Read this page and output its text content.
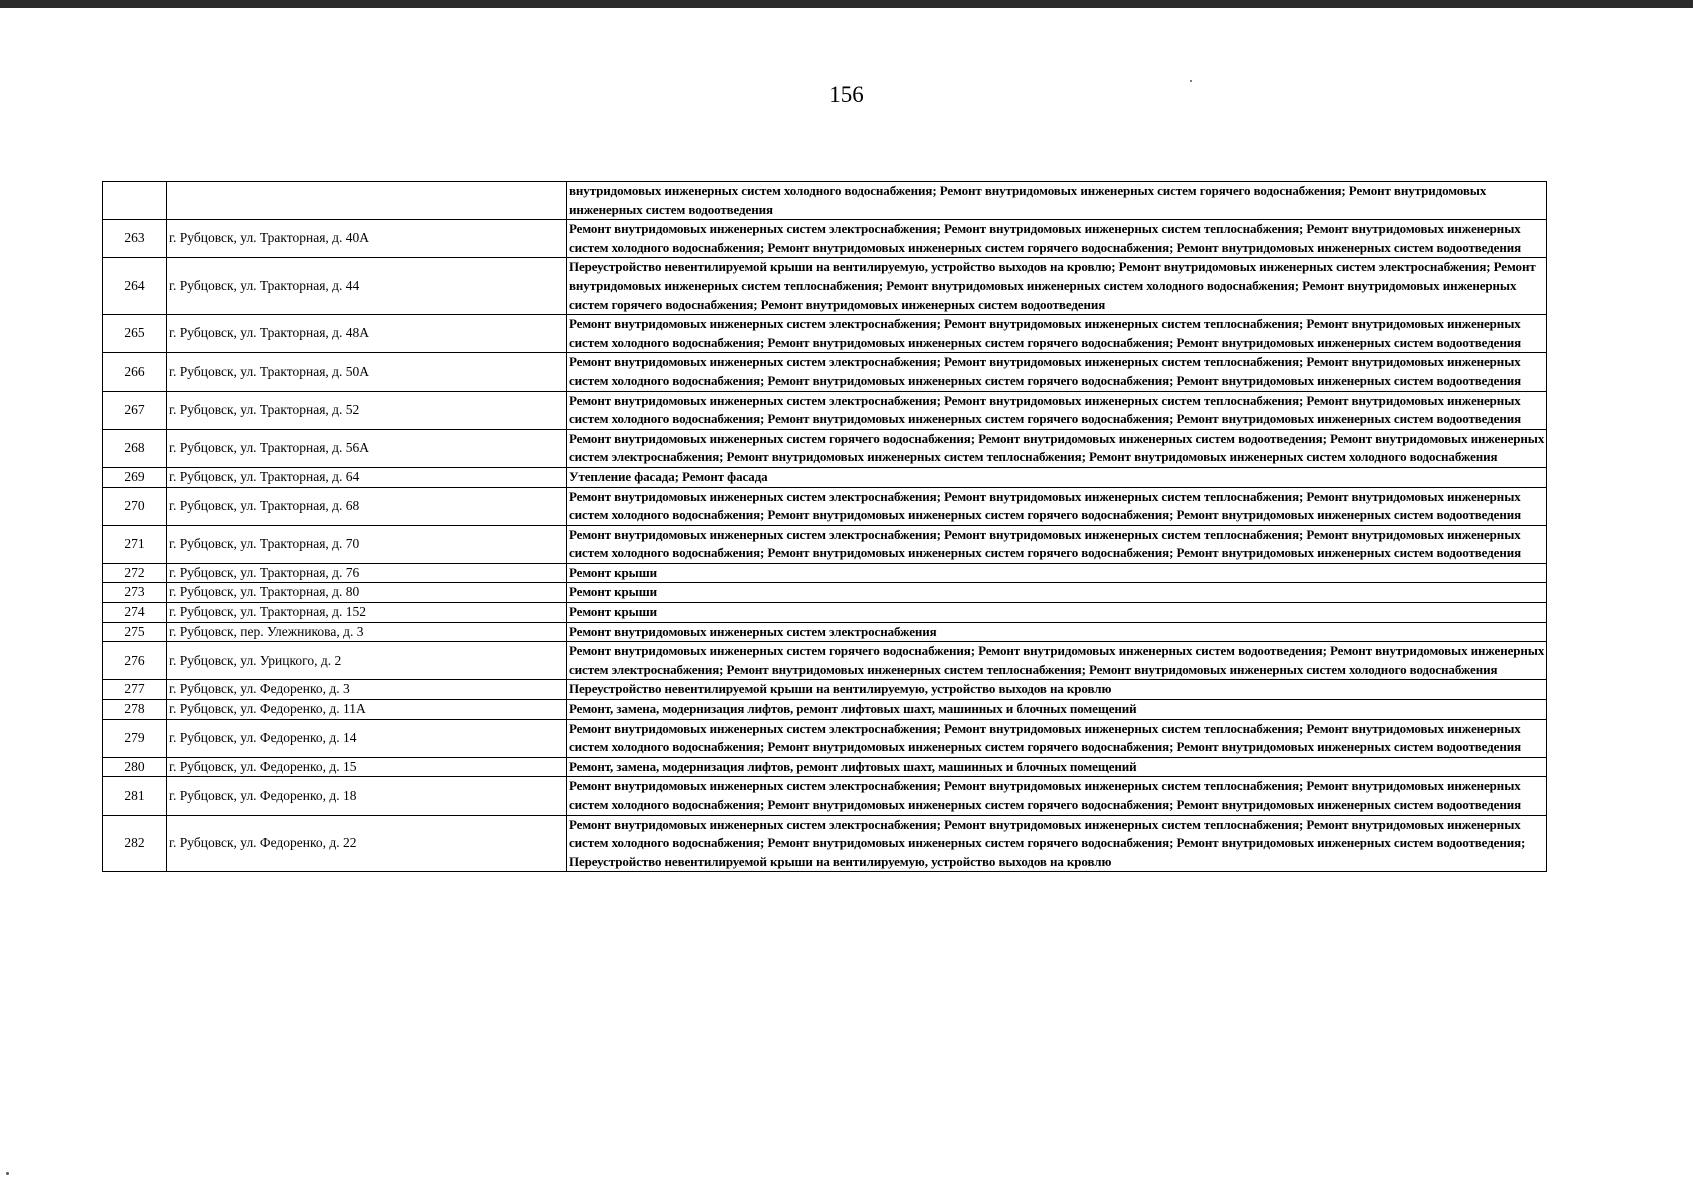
156
		внутридомовых инженерных систем холодного водоснабжения; Ремонт внутридомовых инженерных систем горячего водоснабжения; Ремонт внутридомовых инженерных систем водоотведения
263	г. Рубцовск, ул. Тракторная, д. 40А	Ремонт внутридомовых инженерных систем электроснабжения; Ремонт внутридомовых инженерных систем теплоснабжения; Ремонт внутридомовых инженерных систем холодного водоснабжения; Ремонт внутридомовых инженерных систем горячего водоснабжения; Ремонт внутридомовых инженерных систем водоотведения
264	г. Рубцовск, ул. Тракторная, д. 44	Переустройство невентилируемой крыши на вентилируемую, устройство выходов на кровлю; Ремонт внутридомовых инженерных систем электроснабжения; Ремонт внутридомовых инженерных систем теплоснабжения; Ремонт внутридомовых инженерных систем холодного водоснабжения; Ремонт внутридомовых инженерных систем горячего водоснабжения; Ремонт внутридомовых инженерных систем водоотведения
265	г. Рубцовск, ул. Тракторная, д. 48А	Ремонт внутридомовых инженерных систем электроснабжения; Ремонт внутридомовых инженерных систем теплоснабжения; Ремонт внутридомовых инженерных систем холодного водоснабжения; Ремонт внутридомовых инженерных систем горячего водоснабжения; Ремонт внутридомовых инженерных систем водоотведения
266	г. Рубцовск, ул. Тракторная, д. 50А	Ремонт внутридомовых инженерных систем электроснабжения; Ремонт внутридомовых инженерных систем теплоснабжения; Ремонт внутридомовых инженерных систем холодного водоснабжения; Ремонт внутридомовых инженерных систем горячего водоснабжения; Ремонт внутридомовых инженерных систем водоотведения
267	г. Рубцовск, ул. Тракторная, д. 52	Ремонт внутридомовых инженерных систем электроснабжения; Ремонт внутридомовых инженерных систем теплоснабжения; Ремонт внутридомовых инженерных систем холодного водоснабжения; Ремонт внутридомовых инженерных систем горячего водоснабжения; Ремонт внутридомовых инженерных систем водоотведения
268	г. Рубцовск, ул. Тракторная, д. 56А	Ремонт внутридомовых инженерных систем горячего водоснабжения; Ремонт внутридомовых инженерных систем водоотведения; Ремонт внутридомовых инженерных систем электроснабжения; Ремонт внутридомовых инженерных систем теплоснабжения; Ремонт внутридомовых инженерных систем холодного водоснабжения
269	г. Рубцовск, ул. Тракторная, д. 64	Утепление фасада; Ремонт фасада
270	г. Рубцовск, ул. Тракторная, д. 68	Ремонт внутридомовых инженерных систем электроснабжения; Ремонт внутридомовых инженерных систем теплоснабжения; Ремонт внутридомовых инженерных систем холодного водоснабжения; Ремонт внутридомовых инженерных систем горячего водоснабжения; Ремонт внутридомовых инженерных систем водоотведения
271	г. Рубцовск, ул. Тракторная, д. 70	Ремонт внутридомовых инженерных систем электроснабжения; Ремонт внутридомовых инженерных систем теплоснабжения; Ремонт внутридомовых инженерных систем холодного водоснабжения; Ремонт внутридомовых инженерных систем горячего водоснабжения; Ремонт внутридомовых инженерных систем водоотведения
272	г. Рубцовск, ул. Тракторная, д. 76	Ремонт крыши
273	г. Рубцовск, ул. Тракторная, д. 80	Ремонт крыши
274	г. Рубцовск, ул. Тракторная, д. 152	Ремонт крыши
275	г. Рубцовск, пер. Улежникова, д. 3	Ремонт внутридомовых инженерных систем электроснабжения
276	г. Рубцовск, ул. Урицкого, д. 2	Ремонт внутридомовых инженерных систем горячего водоснабжения; Ремонт внутридомовых инженерных систем водоотведения; Ремонт внутридомовых инженерных систем электроснабжения; Ремонт внутридомовых инженерных систем теплоснабжения; Ремонт внутридомовых инженерных систем холодного водоснабжения
277	г. Рубцовск, ул. Федоренко, д. 3	Переустройство невентилируемой крыши на вентилируемую, устройство выходов на кровлю
278	г. Рубцовск, ул. Федоренко, д. 11А	Ремонт, замена, модернизация лифтов, ремонт лифтовых шахт, машинных и блочных помещений
279	г. Рубцовск, ул. Федоренко, д. 14	Ремонт внутридомовых инженерных систем электроснабжения; Ремонт внутридомовых инженерных систем теплоснабжения; Ремонт внутридомовых инженерных систем холодного водоснабжения; Ремонт внутридомовых инженерных систем горячего водоснабжения; Ремонт внутридомовых инженерных систем водоотведения
280	г. Рубцовск, ул. Федоренко, д. 15	Ремонт, замена, модернизация лифтов, ремонт лифтовых шахт, машинных и блочных помещений
281	г. Рубцовск, ул. Федоренко, д. 18	Ремонт внутридомовых инженерных систем электроснабжения; Ремонт внутридомовых инженерных систем теплоснабжения; Ремонт внутридомовых инженерных систем холодного водоснабжения; Ремонт внутридомовых инженерных систем горячего водоснабжения; Ремонт внутридомовых инженерных систем водоотведения
282	г. Рубцовск, ул. Федоренко, д. 22	Ремонт внутридомовых инженерных систем электроснабжения; Ремонт внутридомовых инженерных систем теплоснабжения; Ремонт внутридомовых инженерных систем холодного водоснабжения; Ремонт внутридомовых инженерных систем горячего водоснабжения; Ремонт внутридомовых инженерных систем водоотведения; Переустройство невентилируемой крыши на вентилируемую, устройство выходов на кровлю
